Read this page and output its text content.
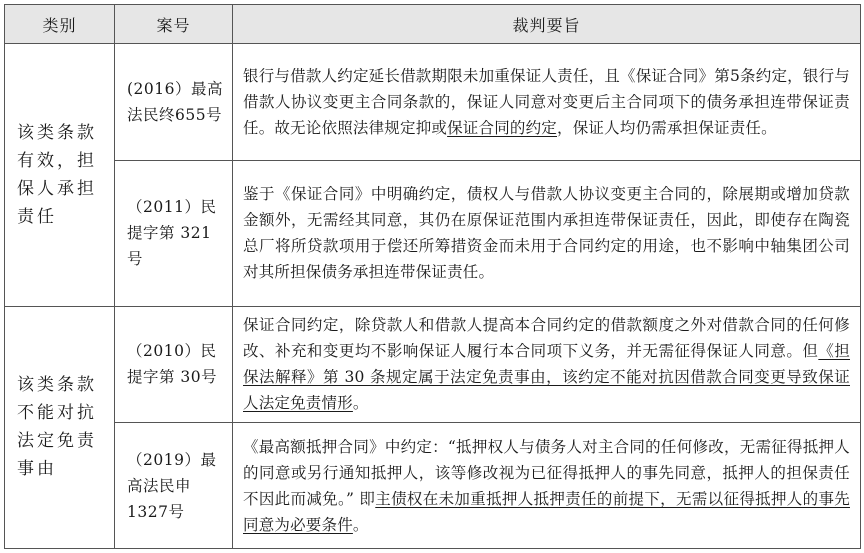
类别	案号	裁判要旨
该类条款有效，担保人承担责任	(2016）最高法民终655号	银行与借款人约定延长借款期限未加重保证人责任，且《保证合同》第5条约定，银行与借款人协议变更主合同条款的，保证人同意对变更后主合同项下的债务承担连带保证责任。故无论依照法律规定抑或保证合同的约定，保证人均仍需承担保证责任。
	（2011）民提字第 321号	鉴于《保证合同》中明确约定，债权人与借款人协议变更主合同的，除展期或增加贷款金额外，无需经其同意，其仍在原保证范围内承担连带保证责任，因此，即使存在陶瓷总厂将所贷款项用于偿还所筹措资金而未用于合同约定的用途，也不影响中轴集团公司对其所担保债务承担连带保证责任。
该类条款不能对抗法定免责事由	（2010）民提字第 30号	保证合同约定，除贷款人和借款人提高本合同约定的借款额度之外对借款合同的任何修改、补充和变更均不影响保证人履行本合同项下义务，并无需征得保证人同意。但《担保法解释》第 30 条规定属于法定免责事由，该约定不能对抗因借款合同变更导致保证人法定免责情形。
	（2019）最高法民申1327号	《最高额抵押合同》中约定：“抵押权人与债务人对主合同的任何修改，无需征得抵押人的同意或另行通知抵押人，该等修改视为已征得抵押人的事先同意，抵押人的担保责任不因此而减免。” 即主债权在未加重抵押人抵押责任的前提下，无需以征得抵押人的事先同意为必要条件。
